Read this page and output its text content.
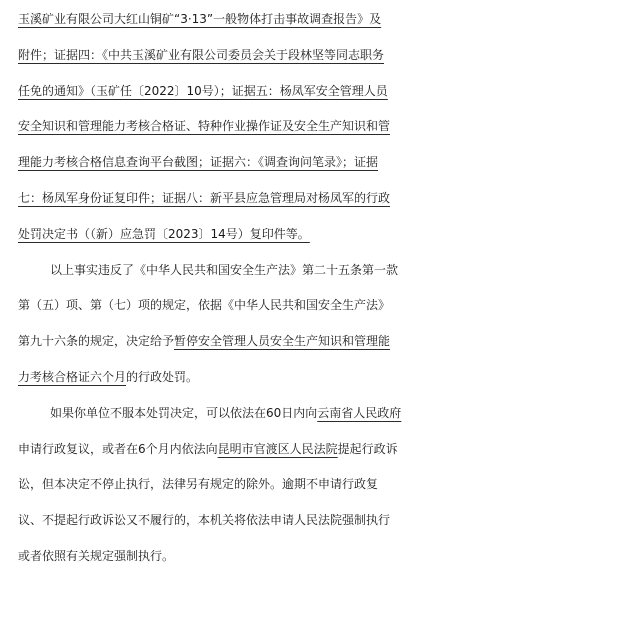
玉溪矿业有限公司大红山铜矿“3·13”一般物体打击事故调查报告》及
附件；证据四：《中共玉溪矿业有限公司委员会关于段林坚等同志职务
任免的通知》（玉矿任〔2022〕10号）；证据五：杨凤军安全管理人员
安全知识和管理能力考核合格证、特种作业操作证及安全生产知识和管
理能力考核合格信息查询平台截图；证据六：《调查询问笔录》；证据
七：杨凤军身份证复印件；证据八：新平县应急管理局对杨凤军的行政
处罚决定书（（新）应急罚〔2023〕14号）复印件等。
以上事实违反了《中华人民共和国安全生产法》第二十五条第一款
第（五）项、第（七）项的规定，依据《中华人民共和国安全生产法》
第九十六条的规定，决定给予暂停安全管理人员安全生产知识和管理能
力考核合格证六个月的行政处罚。
如果你单位不服本处罚决定，可以依法在60日内向云南省人民政府
申请行政复议，或者在6个月内依法向昆明市官渡区人民法院提起行政诉
讼，但本决定不停止执行，法律另有规定的除外。逾期不申请行政复
议、不提起行政诉讼又不履行的，本机关将依法申请人民法院强制执行
或者依照有关规定强制执行。
